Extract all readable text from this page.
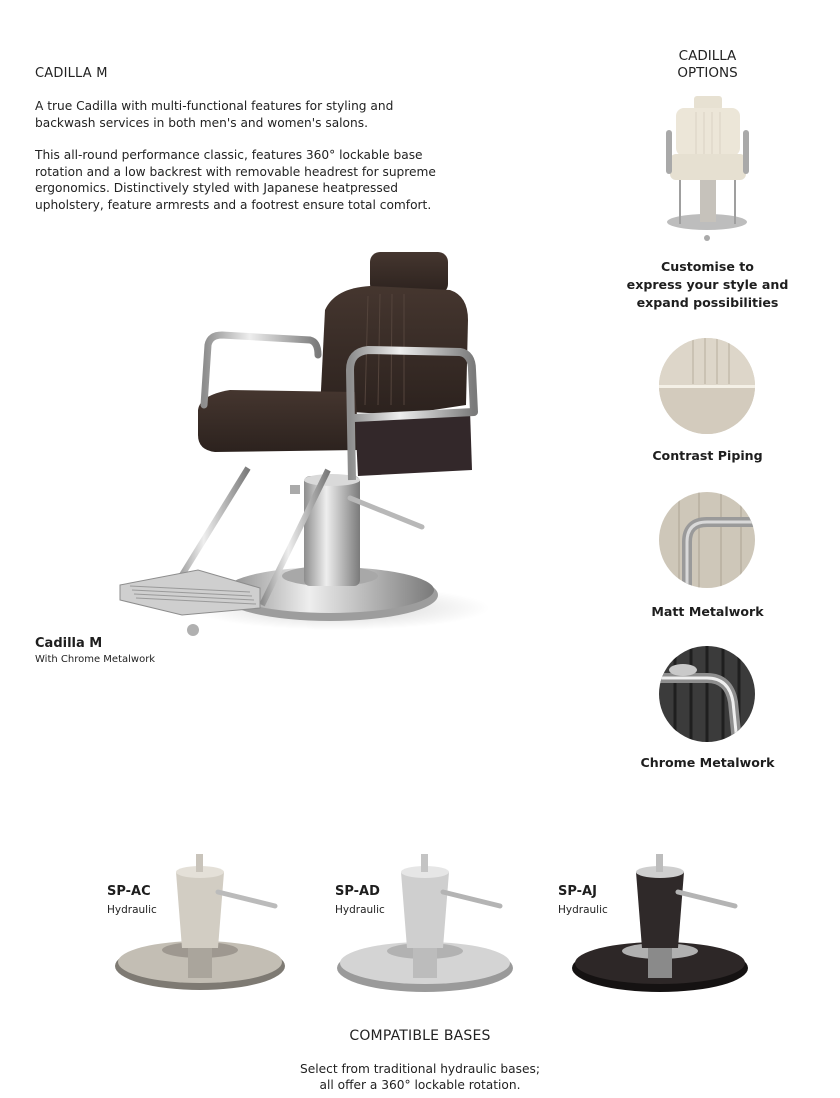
CADILLA M
A true Cadilla with multi-functional features for styling and backwash services in both men's and women's salons.
This all-round performance classic, features 360° lockable base rotation and a low backrest with removable headrest for supreme ergonomics. Distinctively styled with Japanese heatpressed upholstery, feature armrests and a footrest ensure total comfort.
Cadilla M
With Chrome Metalwork
CADILLA
OPTIONS
Customise to
express your style and
expand possibilities
Contrast Piping
Matt Metalwork
Chrome Metalwork
SP-AC
Hydraulic
SP-AD
Hydraulic
SP-AJ
Hydraulic
COMPATIBLE BASES
Select from traditional hydraulic bases;
all offer a 360° lockable rotation.
